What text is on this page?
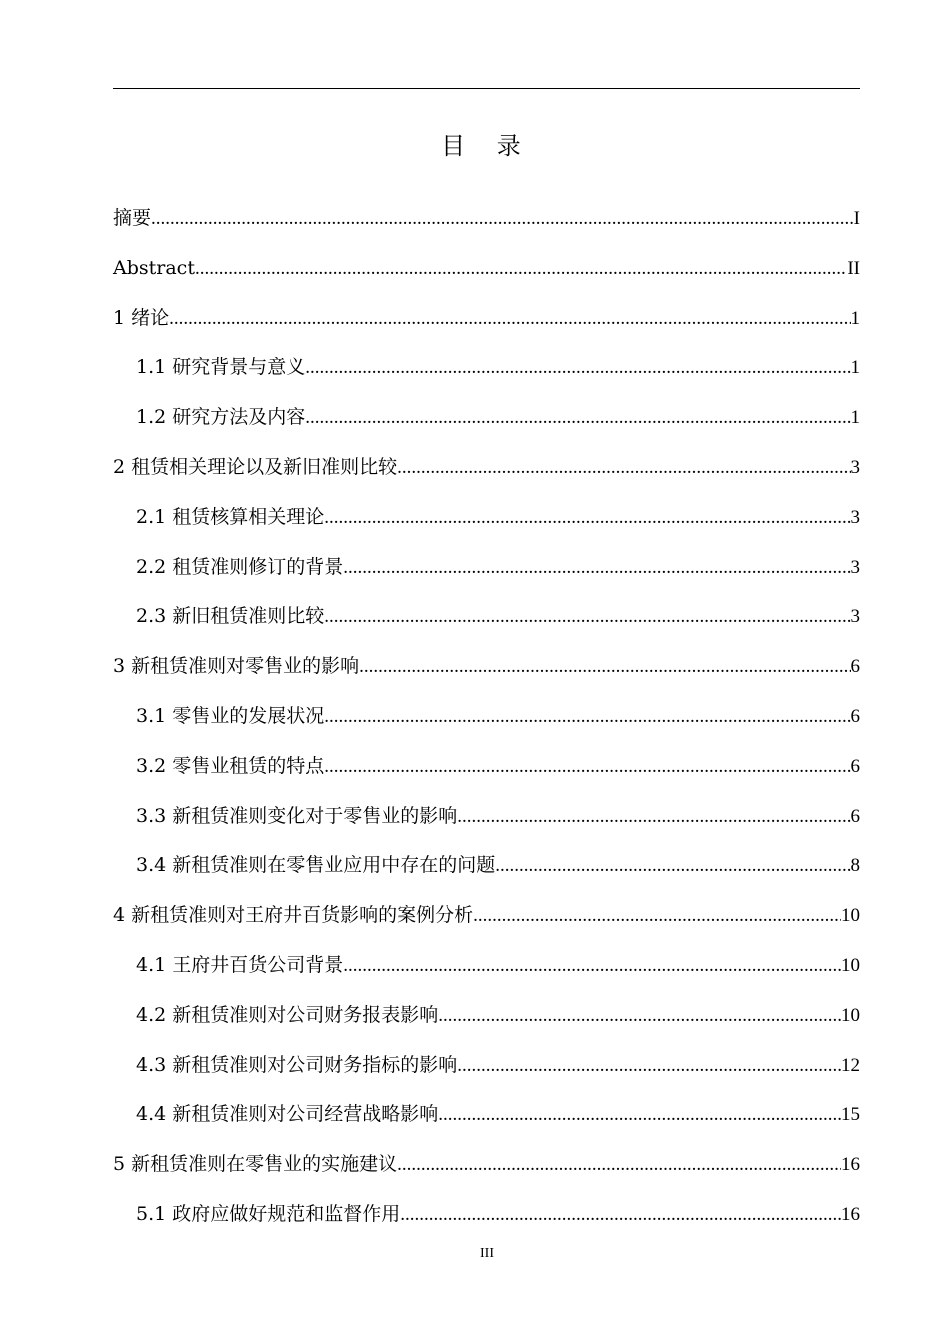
目 录
摘要 .....	I
Abstract .....	II
1 绪论 .....	1
1.1 研究背景与意义 .....	1
1.2 研究方法及内容 .....	1
2 租赁相关理论以及新旧准则比较 .....	3
2.1 租赁核算相关理论 .....	3
2.2 租赁准则修订的背景 .....	3
2.3 新旧租赁准则比较 .....	3
3 新租赁准则对零售业的影响 .....	6
3.1 零售业的发展状况 .....	6
3.2 零售业租赁的特点 .....	6
3.3 新租赁准则变化对于零售业的影响 .....	6
3.4 新租赁准则在零售业应用中存在的问题 .....	8
4 新租赁准则对王府井百货影响的案例分析 .....	10
4.1 王府井百货公司背景 .....	10
4.2 新租赁准则对公司财务报表影响 .....	10
4.3 新租赁准则对公司财务指标的影响 .....	12
4.4 新租赁准则对公司经营战略影响 .....	15
5 新租赁准则在零售业的实施建议 .....	16
5.1 政府应做好规范和监督作用 .....	16
III
